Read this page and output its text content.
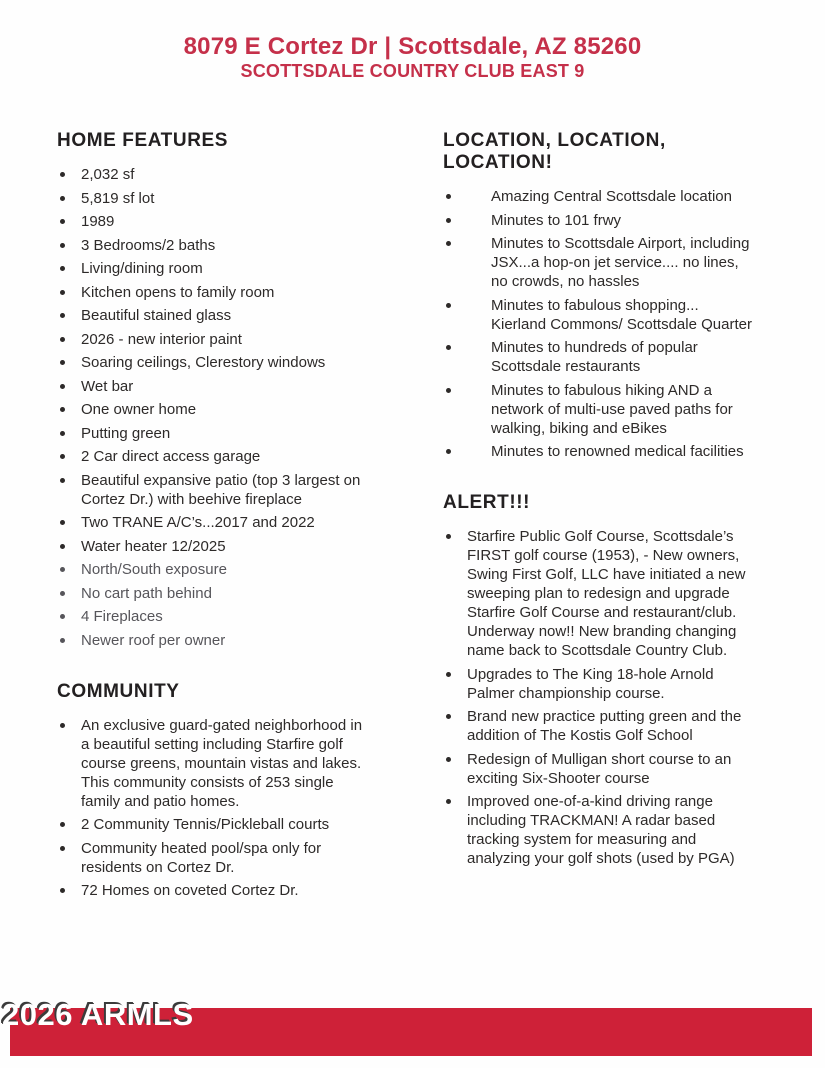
8079 E Cortez Dr | Scottsdale, AZ 85260
SCOTTSDALE COUNTRY CLUB EAST 9
HOME FEATURES
2,032 sf
5,819 sf lot
1989
3 Bedrooms/2 baths
Living/dining room
Kitchen opens to family room
Beautiful stained glass
2026 - new interior paint
Soaring ceilings, Clerestory windows
Wet bar
One owner home
Putting green
2 Car direct access garage
Beautiful expansive patio (top 3 largest on Cortez Dr.) with beehive fireplace
Two TRANE A/C’s...2017 and 2022
Water heater 12/2025
North/South exposure
No cart path behind
4 Fireplaces
Newer roof per owner
COMMUNITY
An exclusive guard-gated neighborhood in a beautiful setting including Starfire golf course greens, mountain vistas and lakes. This community consists of 253 single family and patio homes.
2 Community Tennis/Pickleball courts
Community heated pool/spa only for residents on Cortez Dr.
72 Homes on coveted Cortez Dr.
LOCATION, LOCATION, LOCATION!
Amazing Central Scottsdale location
Minutes to 101 frwy
Minutes to Scottsdale Airport, including JSX...a hop-on jet service.... no lines, no crowds, no hassles
Minutes to fabulous shopping... Kierland Commons/ Scottsdale Quarter
Minutes to hundreds of popular Scottsdale restaurants
Minutes to fabulous hiking AND a network of multi-use paved paths for walking, biking and eBikes
Minutes to renowned medical facilities
ALERT!!!
Starfire Public Golf Course, Scottsdale’s FIRST golf course (1953), - New owners, Swing First Golf, LLC have initiated a new sweeping plan to redesign and upgrade Starfire Golf Course and restaurant/club. Underway now!! New branding changing name back to Scottsdale Country Club.
Upgrades to The King 18-hole Arnold Palmer championship course.
Brand new practice putting green and the addition of The Kostis Golf School
Redesign of Mulligan short course to an exciting Six-Shooter course
Improved one-of-a-kind driving range including TRACKMAN! A radar based tracking system for measuring and analyzing your golf shots (used by PGA)
2026 ARMLS
